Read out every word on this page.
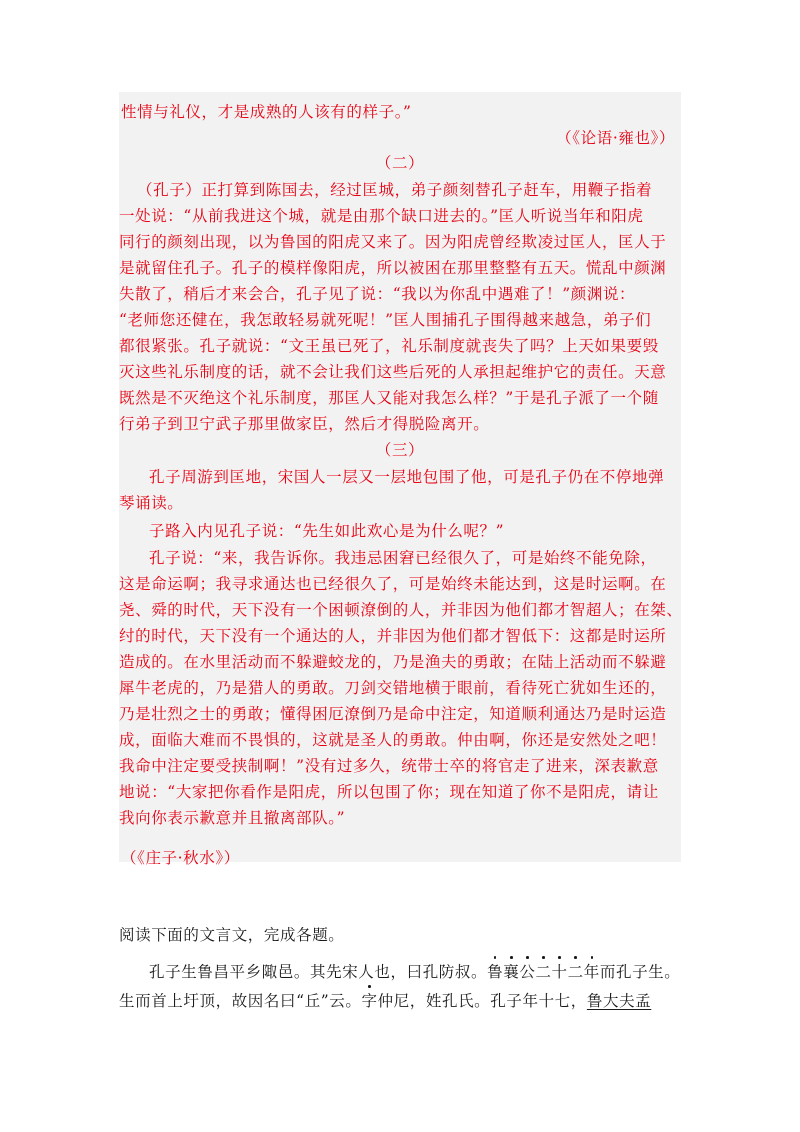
性情与礼仪，才是成熟的人该有的样子。”
（《论语·雍也》）
（二）
（孔子）正打算到陈国去，经过匡城，弟子颜刻替孔子赶车，用鞭子指着
一处说：“从前我进这个城，就是由那个缺口进去的。”匡人听说当年和阳虎
同行的颜刻出现，以为鲁国的阳虎又来了。因为阳虎曾经欺凌过匡人，匡人于
是就留住孔子。孔子的模样像阳虎，所以被困在那里整整有五天。慌乱中颜渊
失散了，稍后才来会合，孔子见了说：“我以为你乱中遇难了！”颜渊说：
“老师您还健在，我怎敢轻易就死呢！”匡人围捕孔子围得越来越急，弟子们
都很紧张。孔子就说：“文王虽已死了，礼乐制度就丧失了吗？上天如果要毁
灭这些礼乐制度的话，就不会让我们这些后死的人承担起维护它的责任。天意
既然是不灭绝这个礼乐制度，那匡人又能对我怎么样？”于是孔子派了一个随
行弟子到卫宁武子那里做家臣，然后才得脱险离开。
（三）
孔子周游到匡地，宋国人一层又一层地包围了他，可是孔子仍在不停地弹
琴诵读。
子路入内见孔子说：“先生如此欢心是为什么呢？”
孔子说：“来，我告诉你。我违忌困窘已经很久了，可是始终不能免除，
这是命运啊；我寻求通达也已经很久了，可是始终未能达到，这是时运啊。在
尧、舜的时代，天下没有一个困顿潦倒的人，并非因为他们都才智超人；在桀、
纣的时代，天下没有一个通达的人，并非因为他们都才智低下：这都是时运所
造成的。在水里活动而不躲避蛟龙的，乃是渔夫的勇敢；在陆上活动而不躲避
犀牛老虎的，乃是猎人的勇敢。刀剑交错地横于眼前，看待死亡犹如生还的，
乃是壮烈之士的勇敢；懂得困厄潦倒乃是命中注定，知道顺利通达乃是时运造
成，面临大难而不畏惧的，这就是圣人的勇敢。仲由啊，你还是安然处之吧！
我命中注定要受挟制啊！”没有过多久，统带士卒的将官走了进来，深表歉意
地说：“大家把你看作是阳虎，所以包围了你；现在知道了你不是阳虎，请让
我向你表示歉意并且撤离部队。”
（《庄子·秋水》）
阅读下面的文言文，完成各题。
孔子生鲁昌平乡陬邑。其先宋人也，曰孔防叔。鲁襄公二十二年而孔子生。
生而首上圩顶，故因名曰“丘”云。字仲尼，姓孔氏。孔子年十七，鲁大夫孟
